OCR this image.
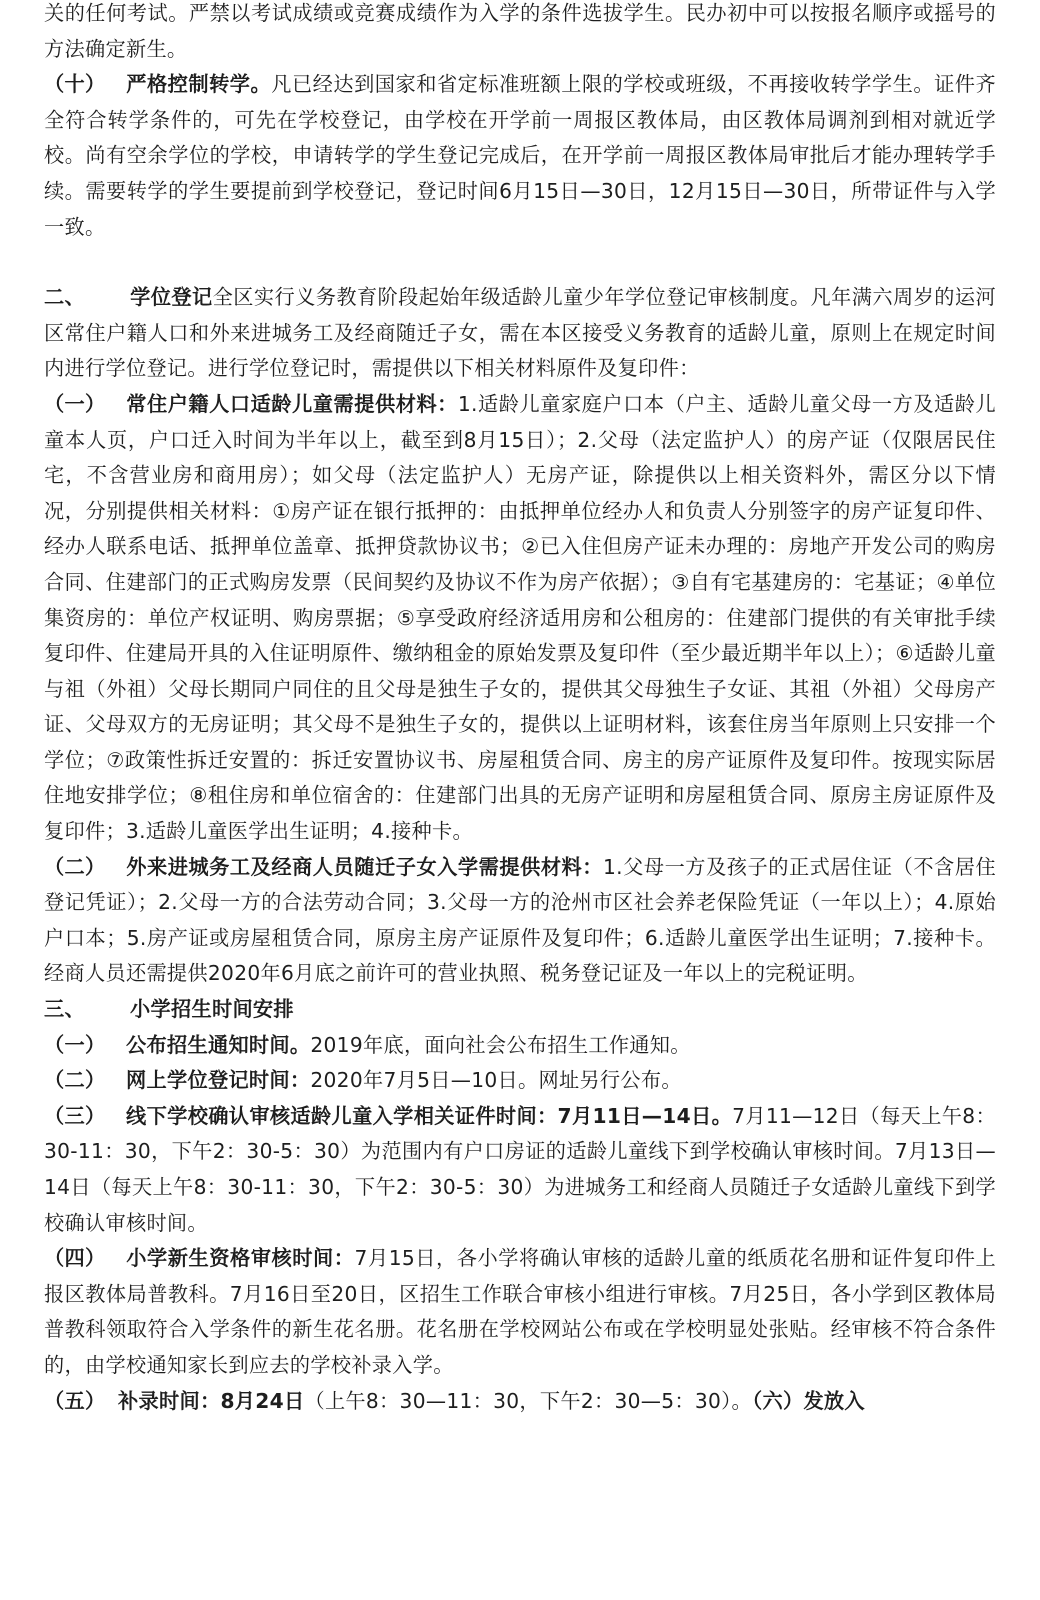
关的任何考试。严禁以考试成绩或竞赛成绩作为入学的条件选拔学生。民办初中可以按报名顺序或摇号的方法确定新生。

（十） 严格控制转学。凡已经达到国家和省定标准班额上限的学校或班级，不再接收转学学生。证件齐全符合转学条件的，可先在学校登记，由学校在开学前一周报区教体局，由区教体局调剂到相对就近学校。尚有空余学位的学校，申请转学的学生登记完成后，在开学前一周报区教体局审批后才能办理转学手续。需要转学的学生要提前到学校登记，登记时间6月15日—30日，12月15日—30日，所带证件与入学一致。

二、 学位登记全区实行义务教育阶段起始年级适龄儿童少年学位登记审核制度。凡年满六周岁的运河区常住户籍人口和外来进城务工及经商随迁子女，需在本区接受义务教育的适龄儿童，原则上在规定时间内进行学位登记。进行学位登记时，需提供以下相关材料原件及复印件：

（一） 常住户籍人口适龄儿童需提供材料：1.适龄儿童家庭户口本（户主、适龄儿童父母一方及适龄儿童本人页，户口迁入时间为半年以上，截至到8月15日）；2.父母（法定监护人）的房产证（仅限居民住宅，不含营业房和商用房）；如父母（法定监护人）无房产证，除提供以上相关资料外，需区分以下情况，分别提供相关材料：①房产证在银行抵押的：由抵押单位经办人和负责人分别签字的房产证复印件、经办人联系电话、抵押单位盖章、抵押贷款协议书；②已入住但房产证未办理的：房地产开发公司的购房合同、住建部门的正式购房发票（民间契约及协议不作为房产依据）；③自有宅基建房的：宅基证；④单位集资房的：单位产权证明、购房票据；⑤享受政府经济适用房和公租房的：住建部门提供的有关审批手续复印件、住建局开具的入住证明原件、缴纳租金的原始发票及复印件（至少最近期半年以上）；⑥适龄儿童与祖（外祖）父母长期同户同住的且父母是独生子女的，提供其父母独生子女证、其祖（外祖）父母房产证、父母双方的无房证明；其父母不是独生子女的，提供以上证明材料，该套住房当年原则上只安排一个学位；⑦政策性拆迁安置的：拆迁安置协议书、房屋租赁合同、房主的房产证原件及复印件。按现实际居住地安排学位；⑧租住房和单位宿舍的：住建部门出具的无房产证明和房屋租赁合同、原房主房证原件及复印件；3.适龄儿童医学出生证明；4.接种卡。

（二） 外来进城务工及经商人员随迁子女入学需提供材料：1.父母一方及孩子的正式居住证（不含居住登记凭证）；2.父母一方的合法劳动合同；3.父母一方的沧州市区社会养老保险凭证（一年以上）；4.原始户口本；5.房产证或房屋租赁合同，原房主房产证原件及复印件；6.适龄儿童医学出生证明；7.接种卡。经商人员还需提供2020年6月底之前许可的营业执照、税务登记证及一年以上的完税证明。

三、 小学招生时间安排

（一） 公布招生通知时间。2019年底，面向社会公布招生工作通知。

（二） 网上学位登记时间：2020年7月5日—10日。网址另行公布。

（三） 线下学校确认审核适龄儿童入学相关证件时间：7月11日—14日。7月11—12日（每天上午8：30-11：30，下午2：30-5：30）为范围内有户口房证的适龄儿童线下到学校确认审核时间。7月13日—14日（每天上午8：30-11：30，下午2：30-5：30）为进城务工和经商人员随迁子女适龄儿童线下到学校确认审核时间。

（四） 小学新生资格审核时间：7月15日，各小学将确认审核的适龄儿童的纸质花名册和证件复印件上报区教体局普教科。7月16日至20日，区招生工作联合审核小组进行审核。7月25日，各小学到区教体局普教科领取符合入学条件的新生花名册。花名册在学校网站公布或在学校明显处张贴。经审核不符合条件的，由学校通知家长到应去的学校补录入学。

（五） 补录时间：8月24日（上午8：30—11：30，下午2：30—5：30）。（六）发放入
